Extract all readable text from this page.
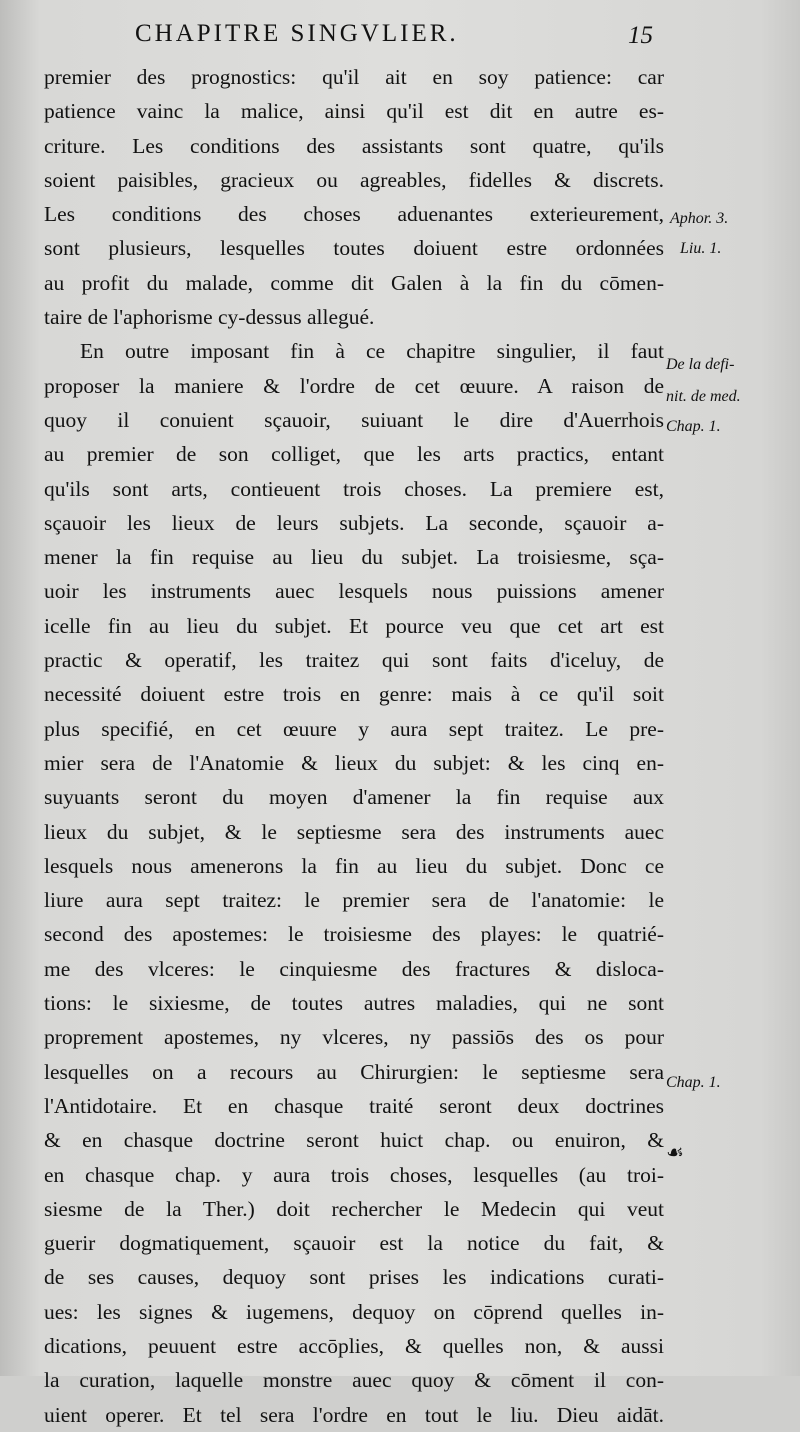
CHAPITRE SINGVLIER.	15
premier des prognostics: qu'il ait en soy patience: car
patience vainc la malice, ainsi qu'il est dit en autre es-
criture. Les conditions des assistants sont quatre, qu'ils
soient paisibles, gracieux ou agreables, fidelles & discrets.
Les conditions des choses aduenantes exterieurement,
sont plusieurs, lesquelles toutes doiuent estre ordonnées
au profit du malade, comme dit Galen à la fin du cōmen-
taire de l'aphorisme cy-dessus allegué.
En outre imposant fin à ce chapitre singulier, il faut
proposer la maniere & l'ordre de cet œuure. A raison de
quoy il conuient sçauoir, suiuant le dire d'Auerrhois
au premier de son colliget, que les arts practics, entant
qu'ils sont arts, contieuent trois choses. La premiere est,
sçauoir les lieux de leurs subjets. La seconde, sçauoir a-
mener la fin requise au lieu du subjet. La troisiesme, sça-
uoir les instruments auec lesquels nous puissions amener
icelle fin au lieu du subjet. Et pource veu que cet art est
practic & operatif, les traitez qui sont faits d'iceluy, de
necessité doiuent estre trois en genre: mais à ce qu'il soit
plus specifié, en cet œuure y aura sept traitez. Le pre-
mier sera de l'Anatomie & lieux du subjet: & les cinq en-
suyuants seront du moyen d'amener la fin requise aux
lieux du subjet, & le septiesme sera des instruments auec
lesquels nous amenerons la fin au lieu du subjet. Donc ce
liure aura sept traitez: le premier sera de l'anatomie: le
second des apostemes: le troisiesme des playes: le quatrié-
me des vlceres: le cinquiesme des fractures & disloca-
tions: le sixiesme, de toutes autres maladies, qui ne sont
proprement apostemes, ny vlceres, ny passiōs des os pour
lesquelles on a recours au Chirurgien: le septiesme sera
l'Antidotaire. Et en chasque traité seront deux doctrines
& en chasque doctrine seront huict chap. ou enuiron, &
en chasque chap. y aura trois choses, lesquelles (au troi-
siesme de la Ther.) doit rechercher le Medecin qui veut
guerir dogmatiquement, sçauoir est la notice du fait, &
de ses causes, dequoy sont prises les indications curati-
ues: les signes & iugemens, dequoy on cōprend quelles in-
dications, peuuent estre accōplies, & quelles non, & aussi
la curation, laquelle monstre auec quoy & cōment il con-
uient operer. Et tel sera l'ordre en tout le liu. Dieu aidāt.
Aphor. 3.
Liu. 1.
De la defi-
nit. de med.
Chap. 1.
Chap. 1.
☙
